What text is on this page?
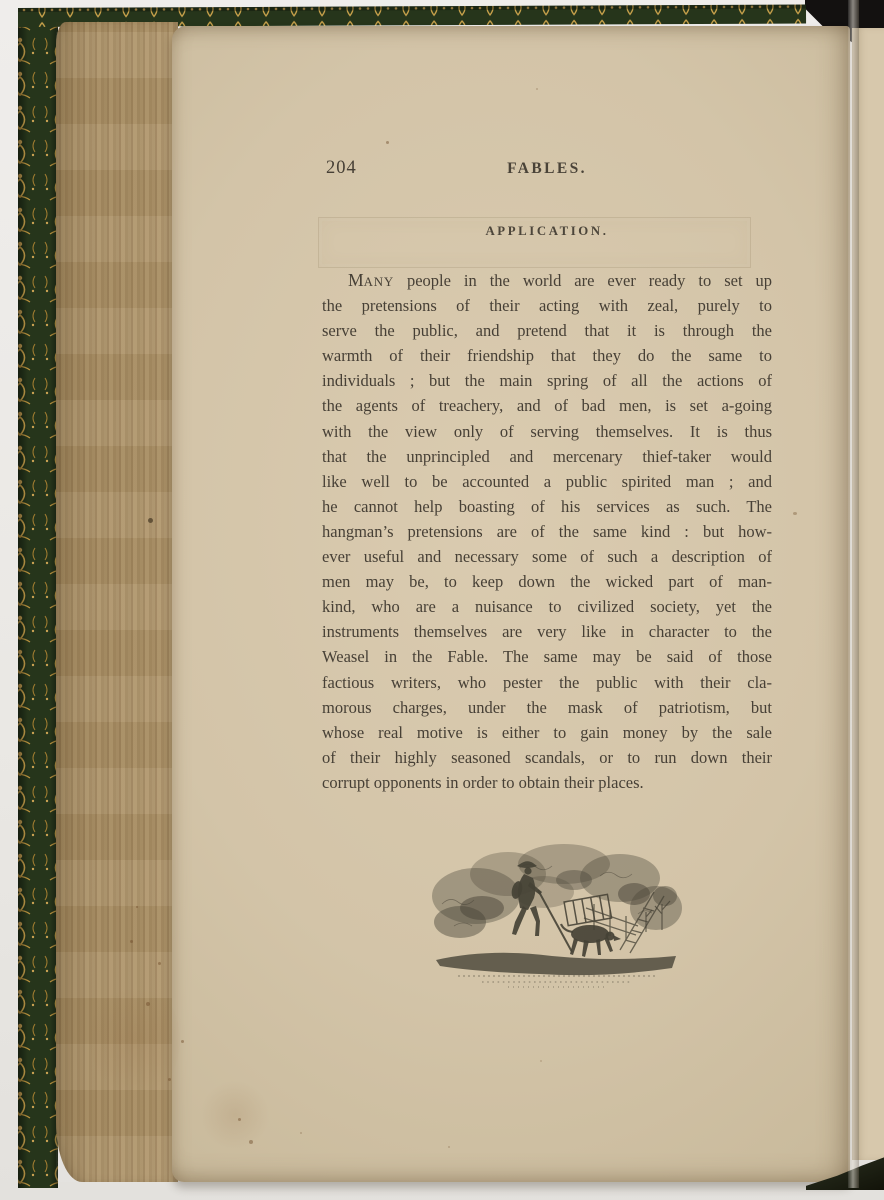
204	FABLES.
APPLICATION.
MANY people in the world are ever ready to set up
the pretensions of their acting with zeal, purely to
serve the public, and pretend that it is through the
warmth of their friendship that they do the same to
individuals ; but the main spring of all the actions of
the agents of treachery, and of bad men, is set a-going
with the view only of serving themselves. It is thus
that the unprincipled and mercenary thief-taker would
like well to be accounted a public spirited man ; and
he cannot help boasting of his services as such. The
hangman’s pretensions are of the same kind : but how-
ever useful and necessary some of such a description of
men may be, to keep down the wicked part of man-
kind, who are a nuisance to civilized society, yet the
instruments themselves are very like in character to the
Weasel in the Fable. The same may be said of those
factious writers, who pester the public with their cla-
morous charges, under the mask of patriotism, but
whose real motive is either to gain money by the sale
of their highly seasoned scandals, or to run down their
corrupt opponents in order to obtain their places.
